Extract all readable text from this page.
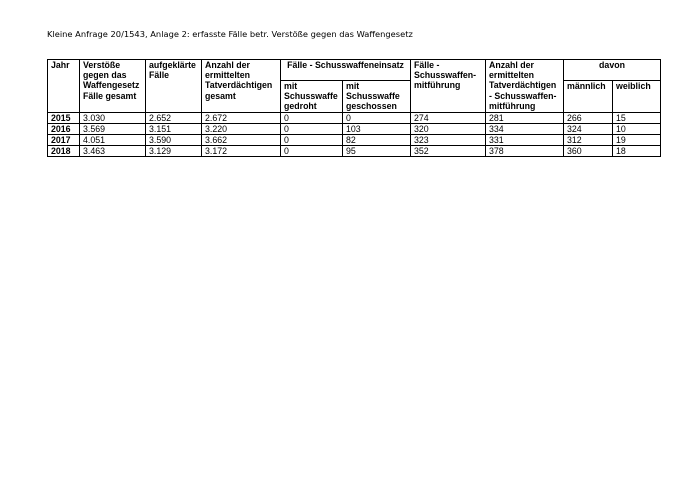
Kleine Anfrage 20/1543, Anlage 2: erfasste Fälle betr. Verstöße gegen das Waffengesetz
Jahr	Verstöße gegen das Waffengesetz Fälle gesamt	aufgeklärte Fälle	Anzahl der ermittelten Tatverdächtigen gesamt	Fälle - Schusswaffeneinsatz		Fälle - Schusswaffen-mitführung	Anzahl der ermittelten Tatverdächtigen - Schusswaffen-mitführung	davon	
				mit Schusswaffe gedroht	mit Schusswaffe geschossen			männlich	weiblich
2015	3.030	2.652	2.672	0	0	274	281	266	15
2016	3.569	3.151	3.220	0	103	320	334	324	10
2017	4.051	3.590	3.662	0	82	323	331	312	19
2018	3.463	3.129	3.172	0	95	352	378	360	18
